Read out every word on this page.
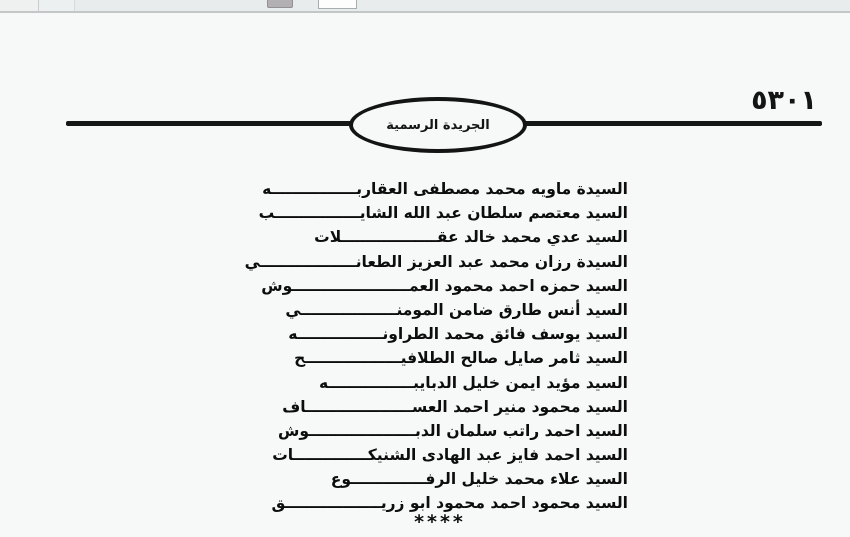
٥٣٠١
الجريدة الرسمية
السيدة ماويه محمد مصطفى العقاربــــــــــــــــه
السيد معتصم سلطان عبد الله الشايــــــــــــــــب
السيد عدي محمد خالد عقــــــــــــــــــلات
السيدة رزان محمد عبد العزيز الطعانــــــــــــــــــي
السيد حمزه احمد محمود العمــــــــــــــــــــــوش
السيد أنس طارق ضامن المومنــــــــــــــــــي
السيد يوسف فائق محمد الطراونــــــــــــــــه
السيد ثامر صايل صالح الطلافيــــــــــــــــــح
السيد مؤيد ايمن خليل الدبايبــــــــــــــــه
السيد محمود منير احمد العســــــــــــــــــــاف
السيد احمد راتب سلمان الدبــــــــــــــــــــوش
السيد احمد فايز عبد الهادى الشنيكــــــــــــــات
السيد علاء محمد خليل الرفــــــــــــــوع
السيد محمود احمد محمود ابو زريــــــــــــــــــق
****
